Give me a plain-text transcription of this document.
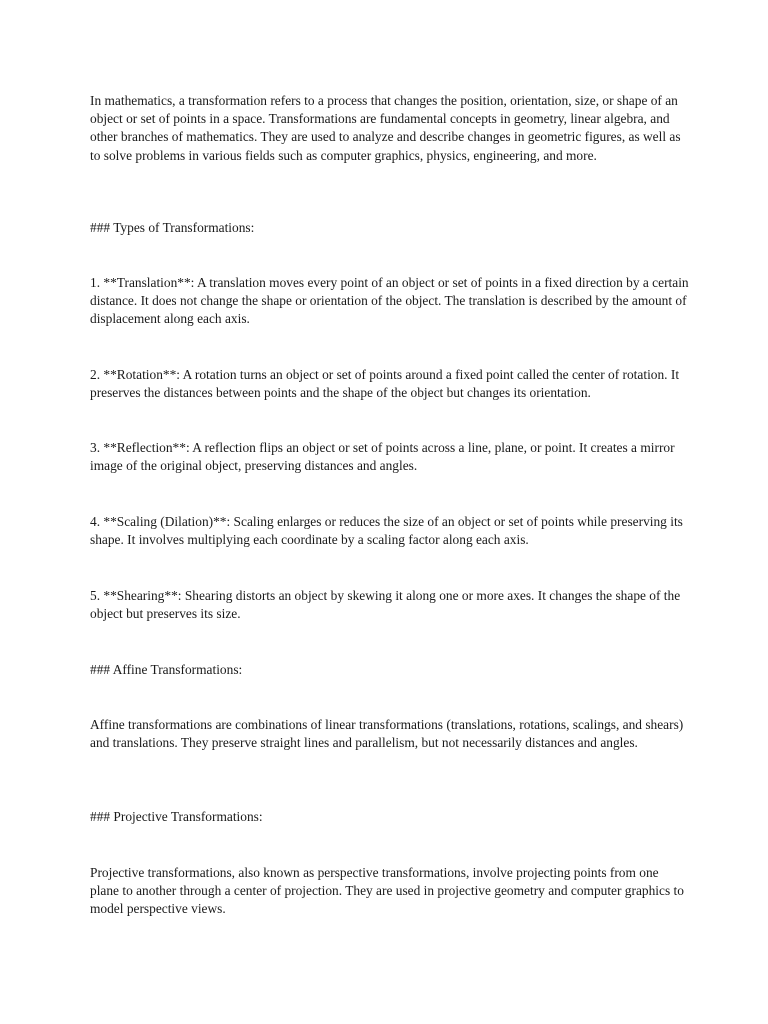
In mathematics, a transformation refers to a process that changes the position, orientation, size, or shape of an object or set of points in a space. Transformations are fundamental concepts in geometry, linear algebra, and other branches of mathematics. They are used to analyze and describe changes in geometric figures, as well as to solve problems in various fields such as computer graphics, physics, engineering, and more.

### Types of Transformations:

1. **Translation**: A translation moves every point of an object or set of points in a fixed direction by a certain distance. It does not change the shape or orientation of the object. The translation is described by the amount of displacement along each axis.

2. **Rotation**: A rotation turns an object or set of points around a fixed point called the center of rotation. It preserves the distances between points and the shape of the object but changes its orientation.

3. **Reflection**: A reflection flips an object or set of points across a line, plane, or point. It creates a mirror image of the original object, preserving distances and angles.

4. **Scaling (Dilation)**: Scaling enlarges or reduces the size of an object or set of points while preserving its shape. It involves multiplying each coordinate by a scaling factor along each axis.

5. **Shearing**: Shearing distorts an object by skewing it along one or more axes. It changes the shape of the object but preserves its size.

### Affine Transformations:

Affine transformations are combinations of linear transformations (translations, rotations, scalings, and shears) and translations. They preserve straight lines and parallelism, but not necessarily distances and angles.

### Projective Transformations:

Projective transformations, also known as perspective transformations, involve projecting points from one plane to another through a center of projection. They are used in projective geometry and computer graphics to model perspective views.
